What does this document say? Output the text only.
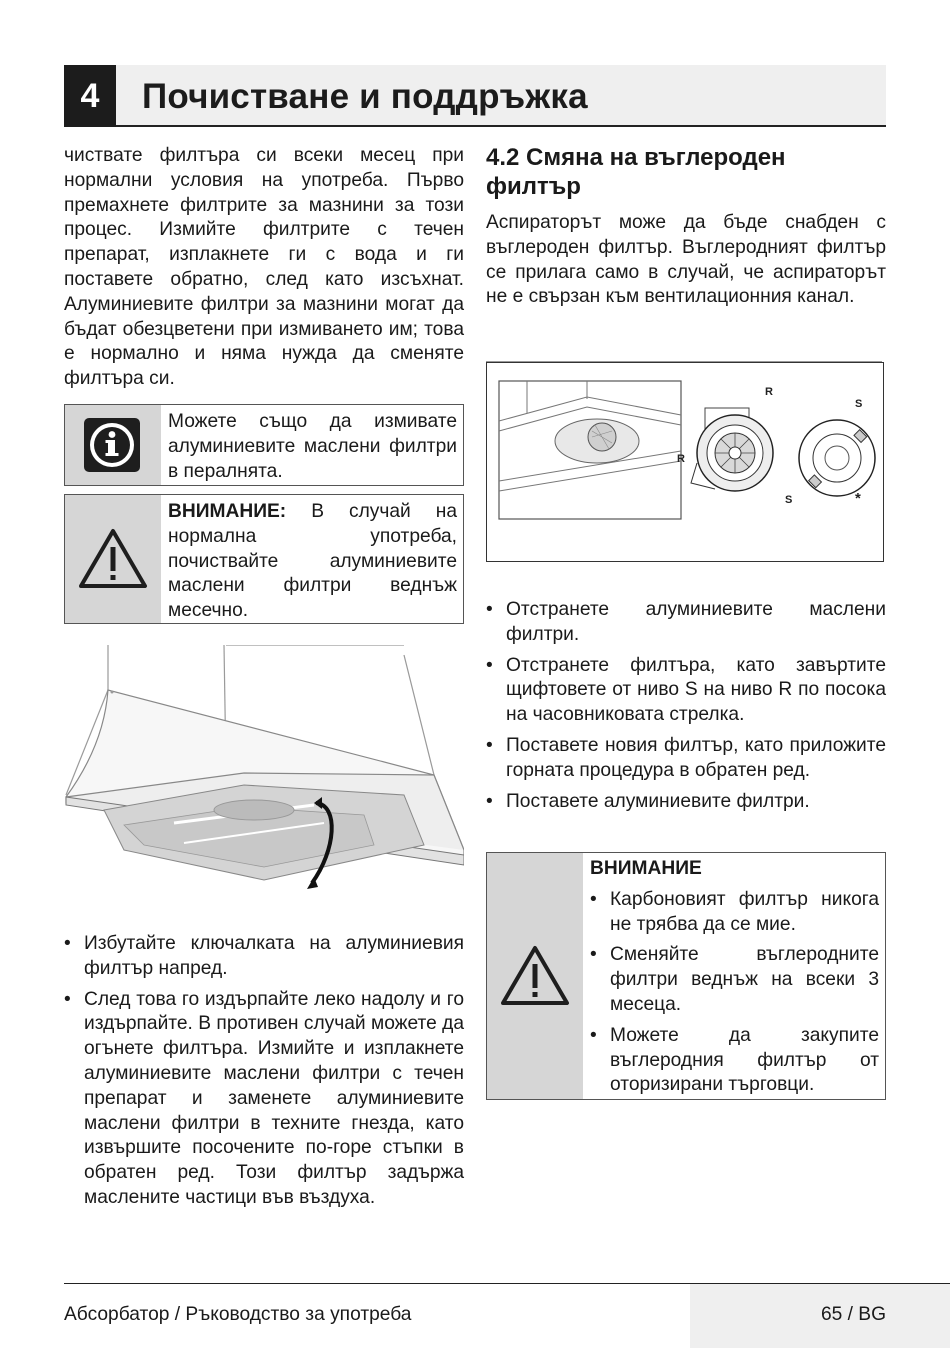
4	Почистване и поддръжка

чиствате филтъра си всеки месец при нормални условия на употреба. Първо премахнете филтрите за мазнини за този процес. Измийте филтрите с течен препарат, изплакнете ги с вода и ги поставете обратно, след като изсъхнат. Алуминиевите филтри за мазнини могат да бъдат обезцветени при измиването им; това е нормално и няма нужда да сменяте филтъра си.

Можете също да измивате алуминиевите маслени филтри в пералнята.
ВНИМАНИЕ: В случай на нормална употреба, почиствайте алуминиевите маслени филтри веднъж месечно.
• Избутайте ключалката на алуминиевия филтър напред.
• След това го издърпайте леко надолу и го издърпайте. В противен случай можете да огънете филтъра. Измийте и изплакнете алуминиевите маслени филтри с течен препарат и заменете алуминиевите маслени филтри в техните гнезда, като извършите посочените по-горе стъпки в обратен ред. Този филтър задържа маслените частици във въздуха.
4.2 Смяна на въглероден филтър

Аспираторът може да бъде снабден с въглероден филтър. Въглеродният филтър се прилага само в случай, че аспираторът не е свързан към вентилационния канал.

R
R
S
S	*
• Отстранете алуминиевите маслени филтри.
• Отстранете филтъра, като завъртите щифтовете от ниво S на ниво R по посока на часовниковата стрелка.
• Поставете новия филтър, като приложите горната процедура в обратен ред.
• Поставете алуминиевите филтри.
ВНИМАНИЕ
• Карбоновият филтър никога не трябва да се мие.
• Сменяйте въглеродните филтри веднъж на всеки 3 месеца.
• Можете да закупите въглеродния филтър от оторизирани търговци.
Абсорбатор / Ръководство за употреба	65 / BG
